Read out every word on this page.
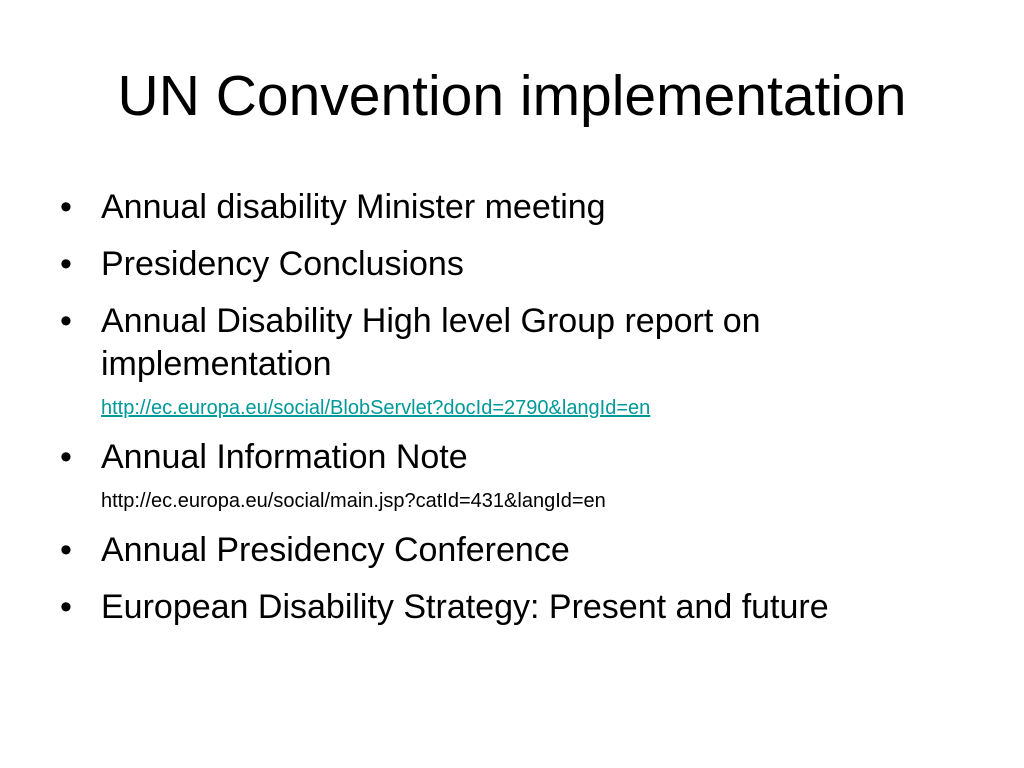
UN Convention implementation
• Annual disability Minister meeting
• Presidency Conclusions
• Annual Disability High level Group report on
implementation
http://ec.europa.eu/social/BlobServlet?docId=2790&langId=en
• Annual Information Note
http://ec.europa.eu/social/main.jsp?catId=431&langId=en
• Annual Presidency Conference
• European Disability Strategy: Present and future
